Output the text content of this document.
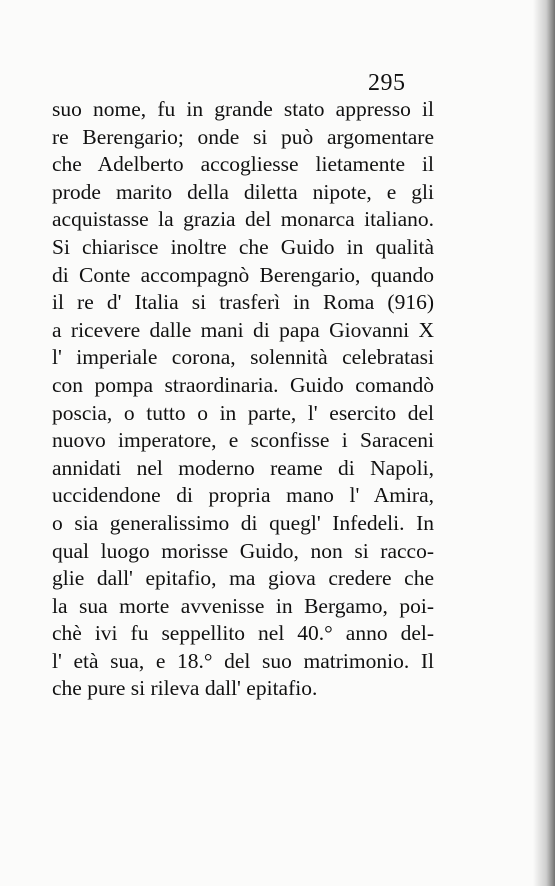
295
suo nome, fu in grande stato appresso il
re Berengario; onde si può argomentare
che Adelberto accogliesse lietamente il
prode marito della diletta nipote, e gli
acquistasse la grazia del monarca italiano.
Si chiarisce inoltre che Guido in qualità
di Conte accompagnò Berengario, quando
il re d' Italia si trasferì in Roma (916)
a ricevere dalle mani di papa Giovanni X
l' imperiale corona, solennità celebratasi
con pompa straordinaria. Guido comandò
poscia, o tutto o in parte, l' esercito del
nuovo imperatore, e sconfisse i Saraceni
annidati nel moderno reame di Napoli,
uccidendone di propria mano l' Amira,
o sia generalissimo di quegl' Infedeli. In
qual luogo morisse Guido, non si racco-
glie dall' epitafio, ma giova credere che
la sua morte avvenisse in Bergamo, poi-
chè ivi fu seppellito nel 40.° anno del-
l' età sua, e 18.° del suo matrimonio. Il
che pure si rileva dall' epitafio.
